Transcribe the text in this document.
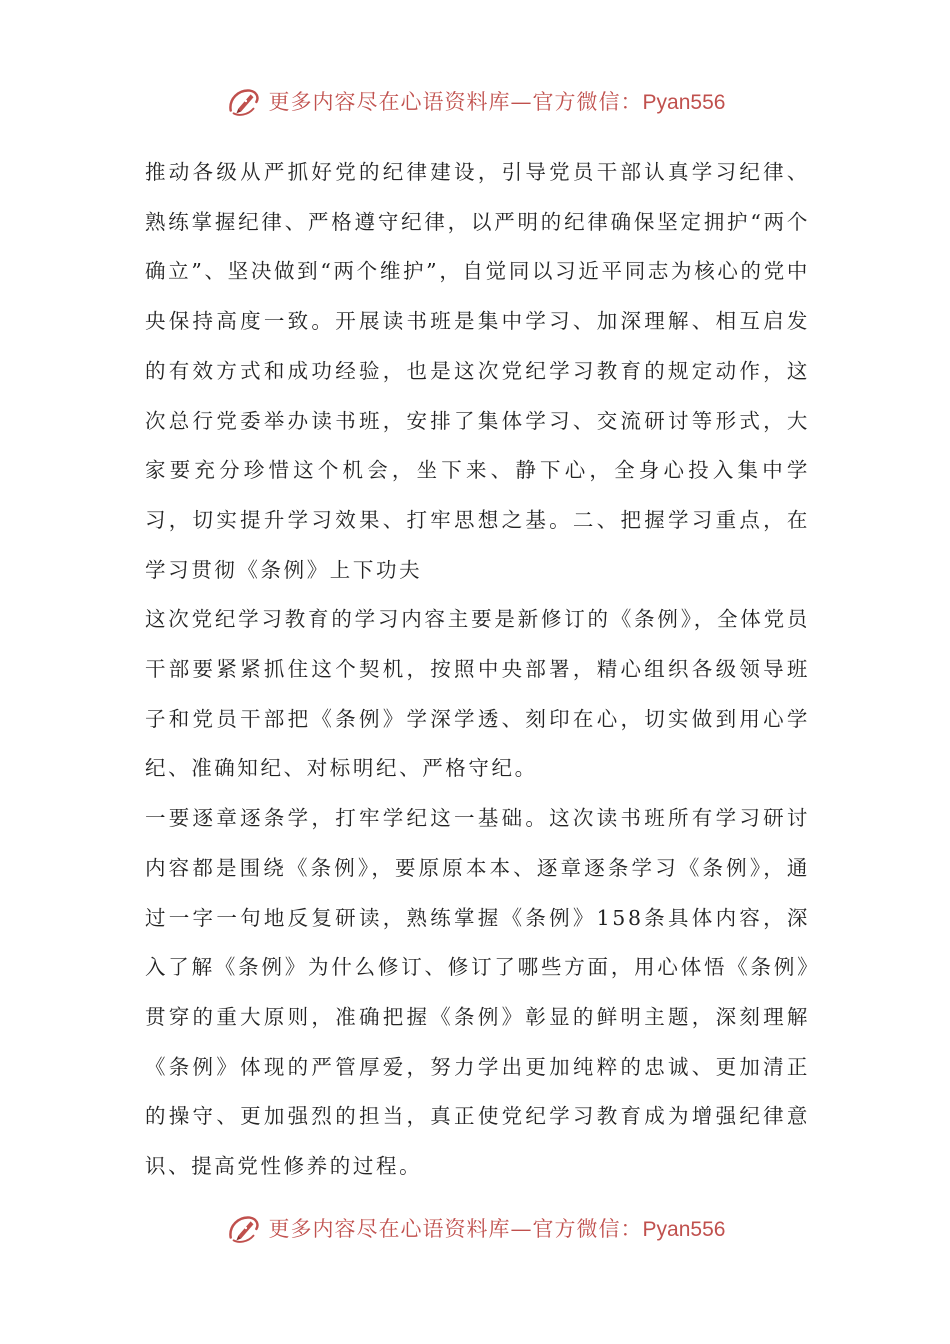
更多内容尽在心语资料库—官方微信：Pyan556

推动各级从严抓好党的纪律建设，引导党员干部认真学习纪律、熟练掌握纪律、严格遵守纪律，以严明的纪律确保坚定拥护“两个确立”、坚决做到“两个维护”，自觉同以习近平同志为核心的党中央保持高度一致。开展读书班是集中学习、加深理解、相互启发的有效方式和成功经验，也是这次党纪学习教育的规定动作，这次总行党委举办读书班，安排了集体学习、交流研讨等形式，大家要充分珍惜这个机会，坐下来、静下心，全身心投入集中学习，切实提升学习效果、打牢思想之基。二、把握学习重点，在学习贯彻《条例》上下功夫

这次党纪学习教育的学习内容主要是新修订的《条例》，全体党员干部要紧紧抓住这个契机，按照中央部署，精心组织各级领导班子和党员干部把《条例》学深学透、刻印在心，切实做到用心学纪、准确知纪、对标明纪、严格守纪。

一要逐章逐条学，打牢学纪这一基础。这次读书班所有学习研讨内容都是围绕《条例》，要原原本本、逐章逐条学习《条例》，通过一字一句地反复研读，熟练掌握《条例》158条具体内容，深入了解《条例》为什么修订、修订了哪些方面，用心体悟《条例》贯穿的重大原则，准确把握《条例》彰显的鲜明主题，深刻理解《条例》体现的严管厚爱，努力学出更加纯粹的忠诚、更加清正的操守、更加强烈的担当，真正使党纪学习教育成为增强纪律意识、提高党性修养的过程。

更多内容尽在心语资料库—官方微信：Pyan556
